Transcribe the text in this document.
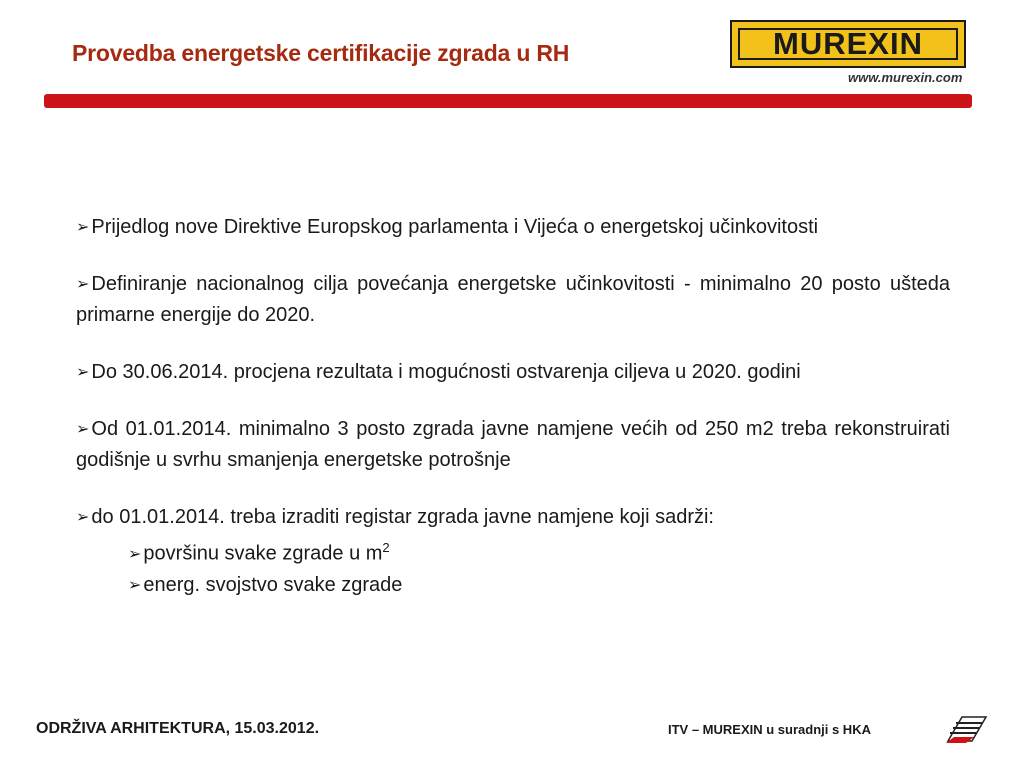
Provedba energetske certifikacije zgrada u RH	MUREXIN
www.murexin.com

➢ Prijedlog nove Direktive Europskog parlamenta i Vijeća o energetskoj učinkovitosti

➢ Definiranje nacionalnog cilja povećanja energetske učinkovitosti - minimalno 20 posto ušteda primarne energije do 2020.

➢ Do 30.06.2014. procjena rezultata i mogućnosti ostvarenja ciljeva u 2020. godini

➢ Od 01.01.2014. minimalno 3 posto zgrada javne namjene većih od 250 m2 treba rekonstruirati godišnje u svrhu smanjenja energetske potrošnje

➢ do 01.01.2014. treba izraditi registar zgrada javne namjene koji sadrži:

➢ površinu svake zgrade u $m^2$
➢ energ. svojstvo svake zgrade
ODRŽIVA ARHITEKTURA, 15.03.2012.	ITV – MUREXIN u suradnji s HKA
